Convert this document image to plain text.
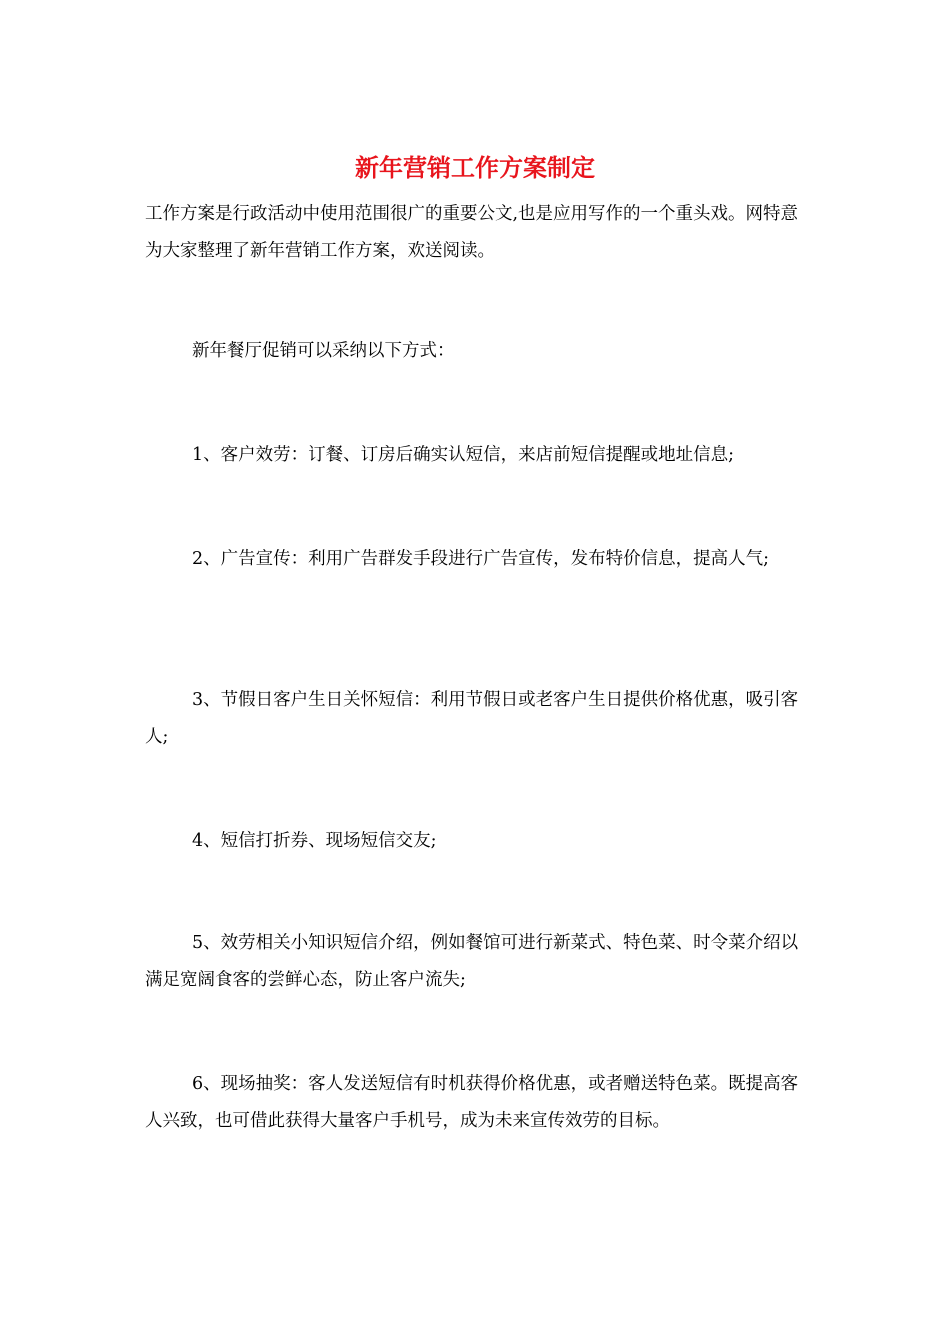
新年营销工作方案制定

工作方案是行政活动中使用范围很广的重要公文,也是应用写作的一个重头戏。网特意为大家整理了新年营销工作方案，欢送阅读。

新年餐厅促销可以采纳以下方式：

1、客户效劳：订餐、订房后确实认短信，来店前短信提醒或地址信息;

2、广告宣传：利用广告群发手段进行广告宣传，发布特价信息，提高人气;

3、节假日客户生日关怀短信：利用节假日或老客户生日提供价格优惠，吸引客人;

4、短信打折券、现场短信交友;

5、效劳相关小知识短信介绍，例如餐馆可进行新菜式、特色菜、时令菜介绍以满足宽阔食客的尝鲜心态，防止客户流失;

6、现场抽奖：客人发送短信有时机获得价格优惠，或者赠送特色菜。既提高客人兴致，也可借此获得大量客户手机号，成为未来宣传效劳的目标。
